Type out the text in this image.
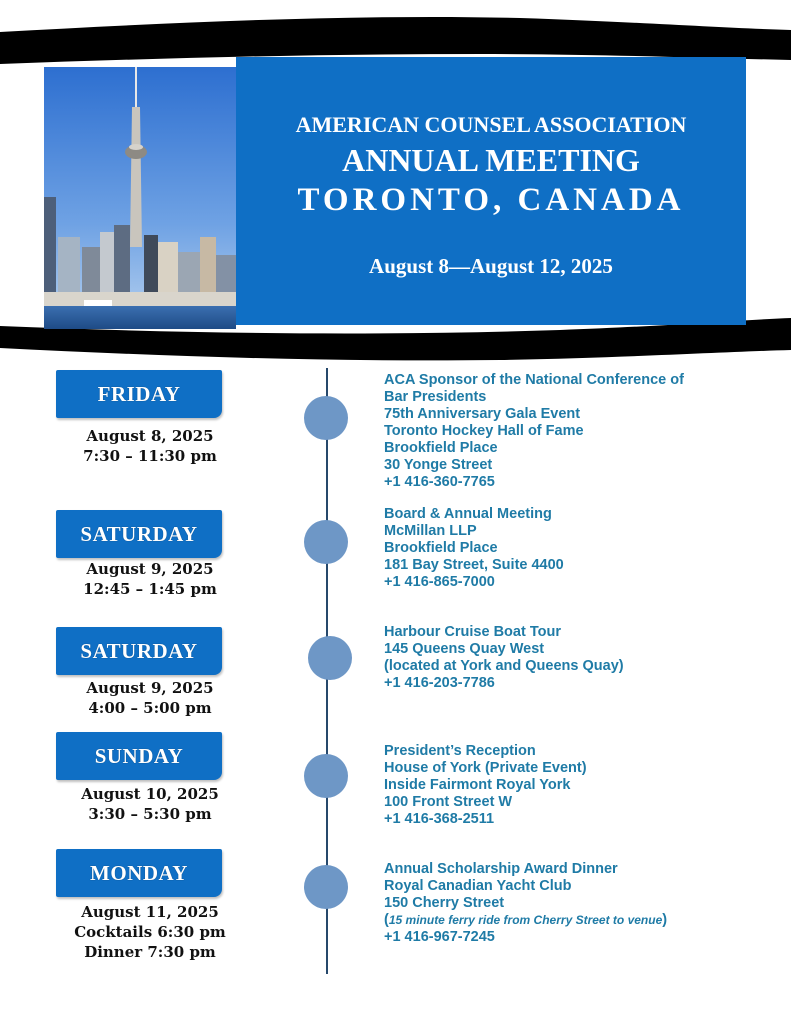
AMERICAN COUNSEL ASSOCIATION
ANNUAL MEETING
TORONTO, CANADA
August 8—August 12, 2025
FRIDAY
August 8, 2025
7:30 – 11:30 pm
ACA Sponsor of the National Conference of
Bar Presidents
75th Anniversary Gala Event
Toronto Hockey Hall of Fame
Brookfield Place
30 Yonge Street
+1 416-360-7765
SATURDAY
August 9, 2025
12:45 – 1:45 pm
Board & Annual Meeting
McMillan LLP
Brookfield Place
181 Bay Street, Suite 4400
+1 416-865-7000
SATURDAY
August 9, 2025
4:00 – 5:00 pm
Harbour Cruise Boat Tour
145 Queens Quay West
(located at York and Queens Quay)
+1 416-203-7786
SUNDAY
August 10, 2025
3:30 – 5:30 pm
President’s Reception
House of York (Private Event)
Inside Fairmont Royal York
100 Front Street W
+1 416-368-2511
MONDAY
August 11, 2025
Cocktails 6:30 pm
Dinner 7:30 pm
Annual Scholarship Award Dinner
Royal Canadian Yacht Club
150 Cherry Street
(15 minute ferry ride from Cherry Street to venue)
+1 416-967-7245
